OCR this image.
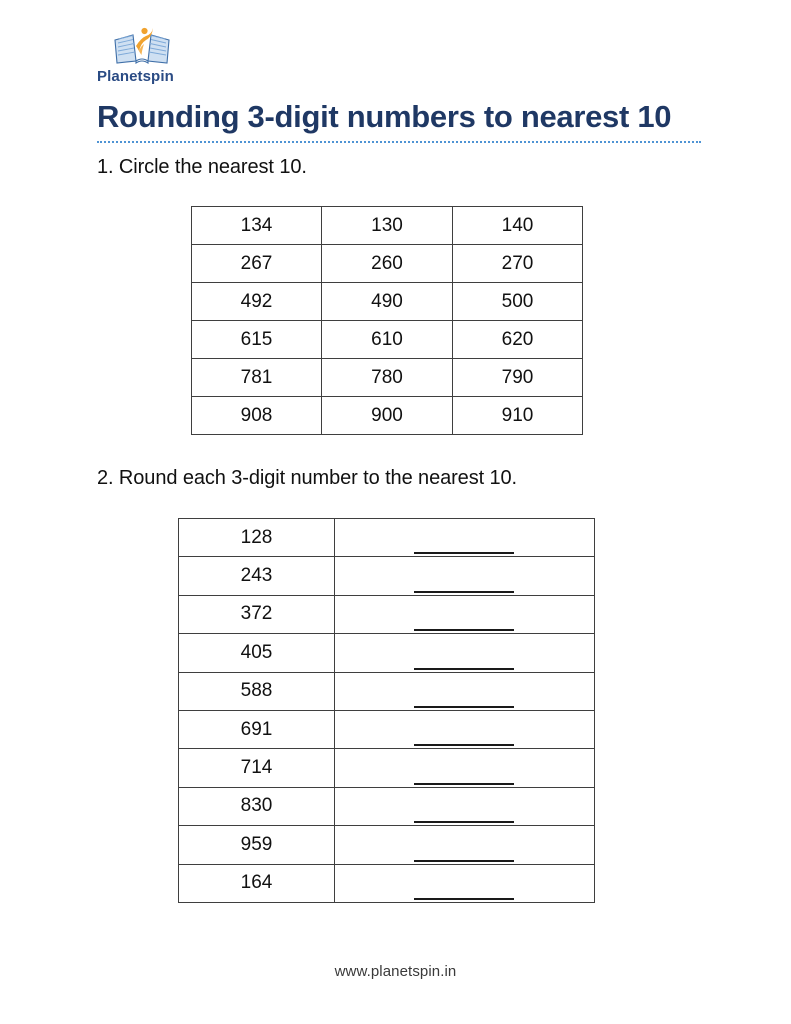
Planetspin
Rounding 3-digit numbers to nearest 10
1. Circle the nearest 10.
134	130	140
267	260	270
492	490	500
615	610	620
781	780	790
908	900	910
2. Round each 3-digit number to the nearest 10.
128	

243	

372	

405	

588	

691	

714	

830	

959	

164	
www.planetspin.in
